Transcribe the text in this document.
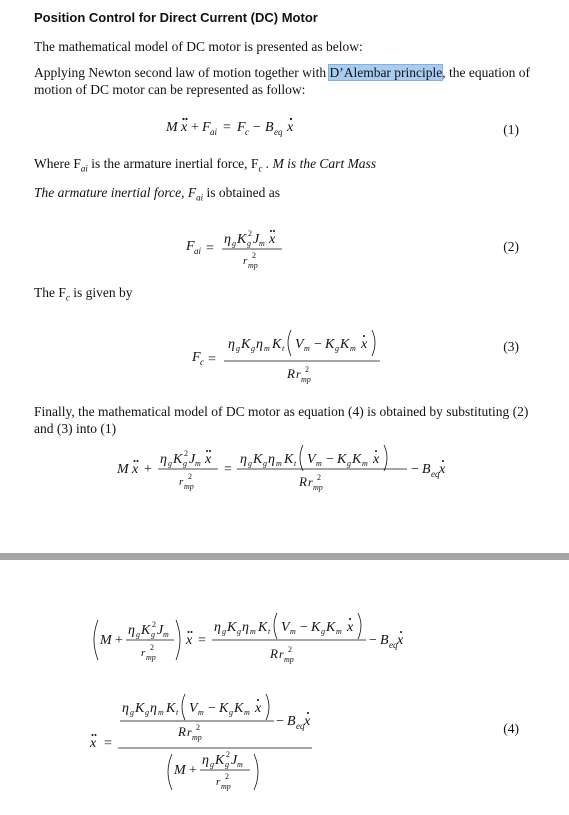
Position Control for Direct Current (DC) Motor
The mathematical model of DC motor is presented as below:
Applying Newton second law of motion together with D’Alembar principle, the equation of motion of DC motor can be represented as follow:
M x + F ai = F c − B eq x
F ai =
η g K g
2 J m x
r mp
2
F c =
η g K g η m K t V m − K g K m x
R r mp
2
M x +
η g K g
2 J m x
r mp
2 =
η g K g η m K t V m − K g K m x
R r mp
2
− B eq x
M +
η g K g
2 J m
r mp
2 x =
η g K g η m K t V m − K g K m x
R r mp
2
− B eq x
x =
η g K g η m K t V m − K g K m x
R r mp
2	− B eq x
M +
η g K g
2 J m
r mp
2
(1)
Where $F_{ai}$ is the armature inertial force, $F_c$ . M is the Cart Mass
The armature inertial force, $F_{ai}$ is obtained as
(2)
The $F_c$ is given by
(3)
Finally, the mathematical model of DC motor as equation (4) is obtained by substituting (2) and (3) into (1)
(4)
